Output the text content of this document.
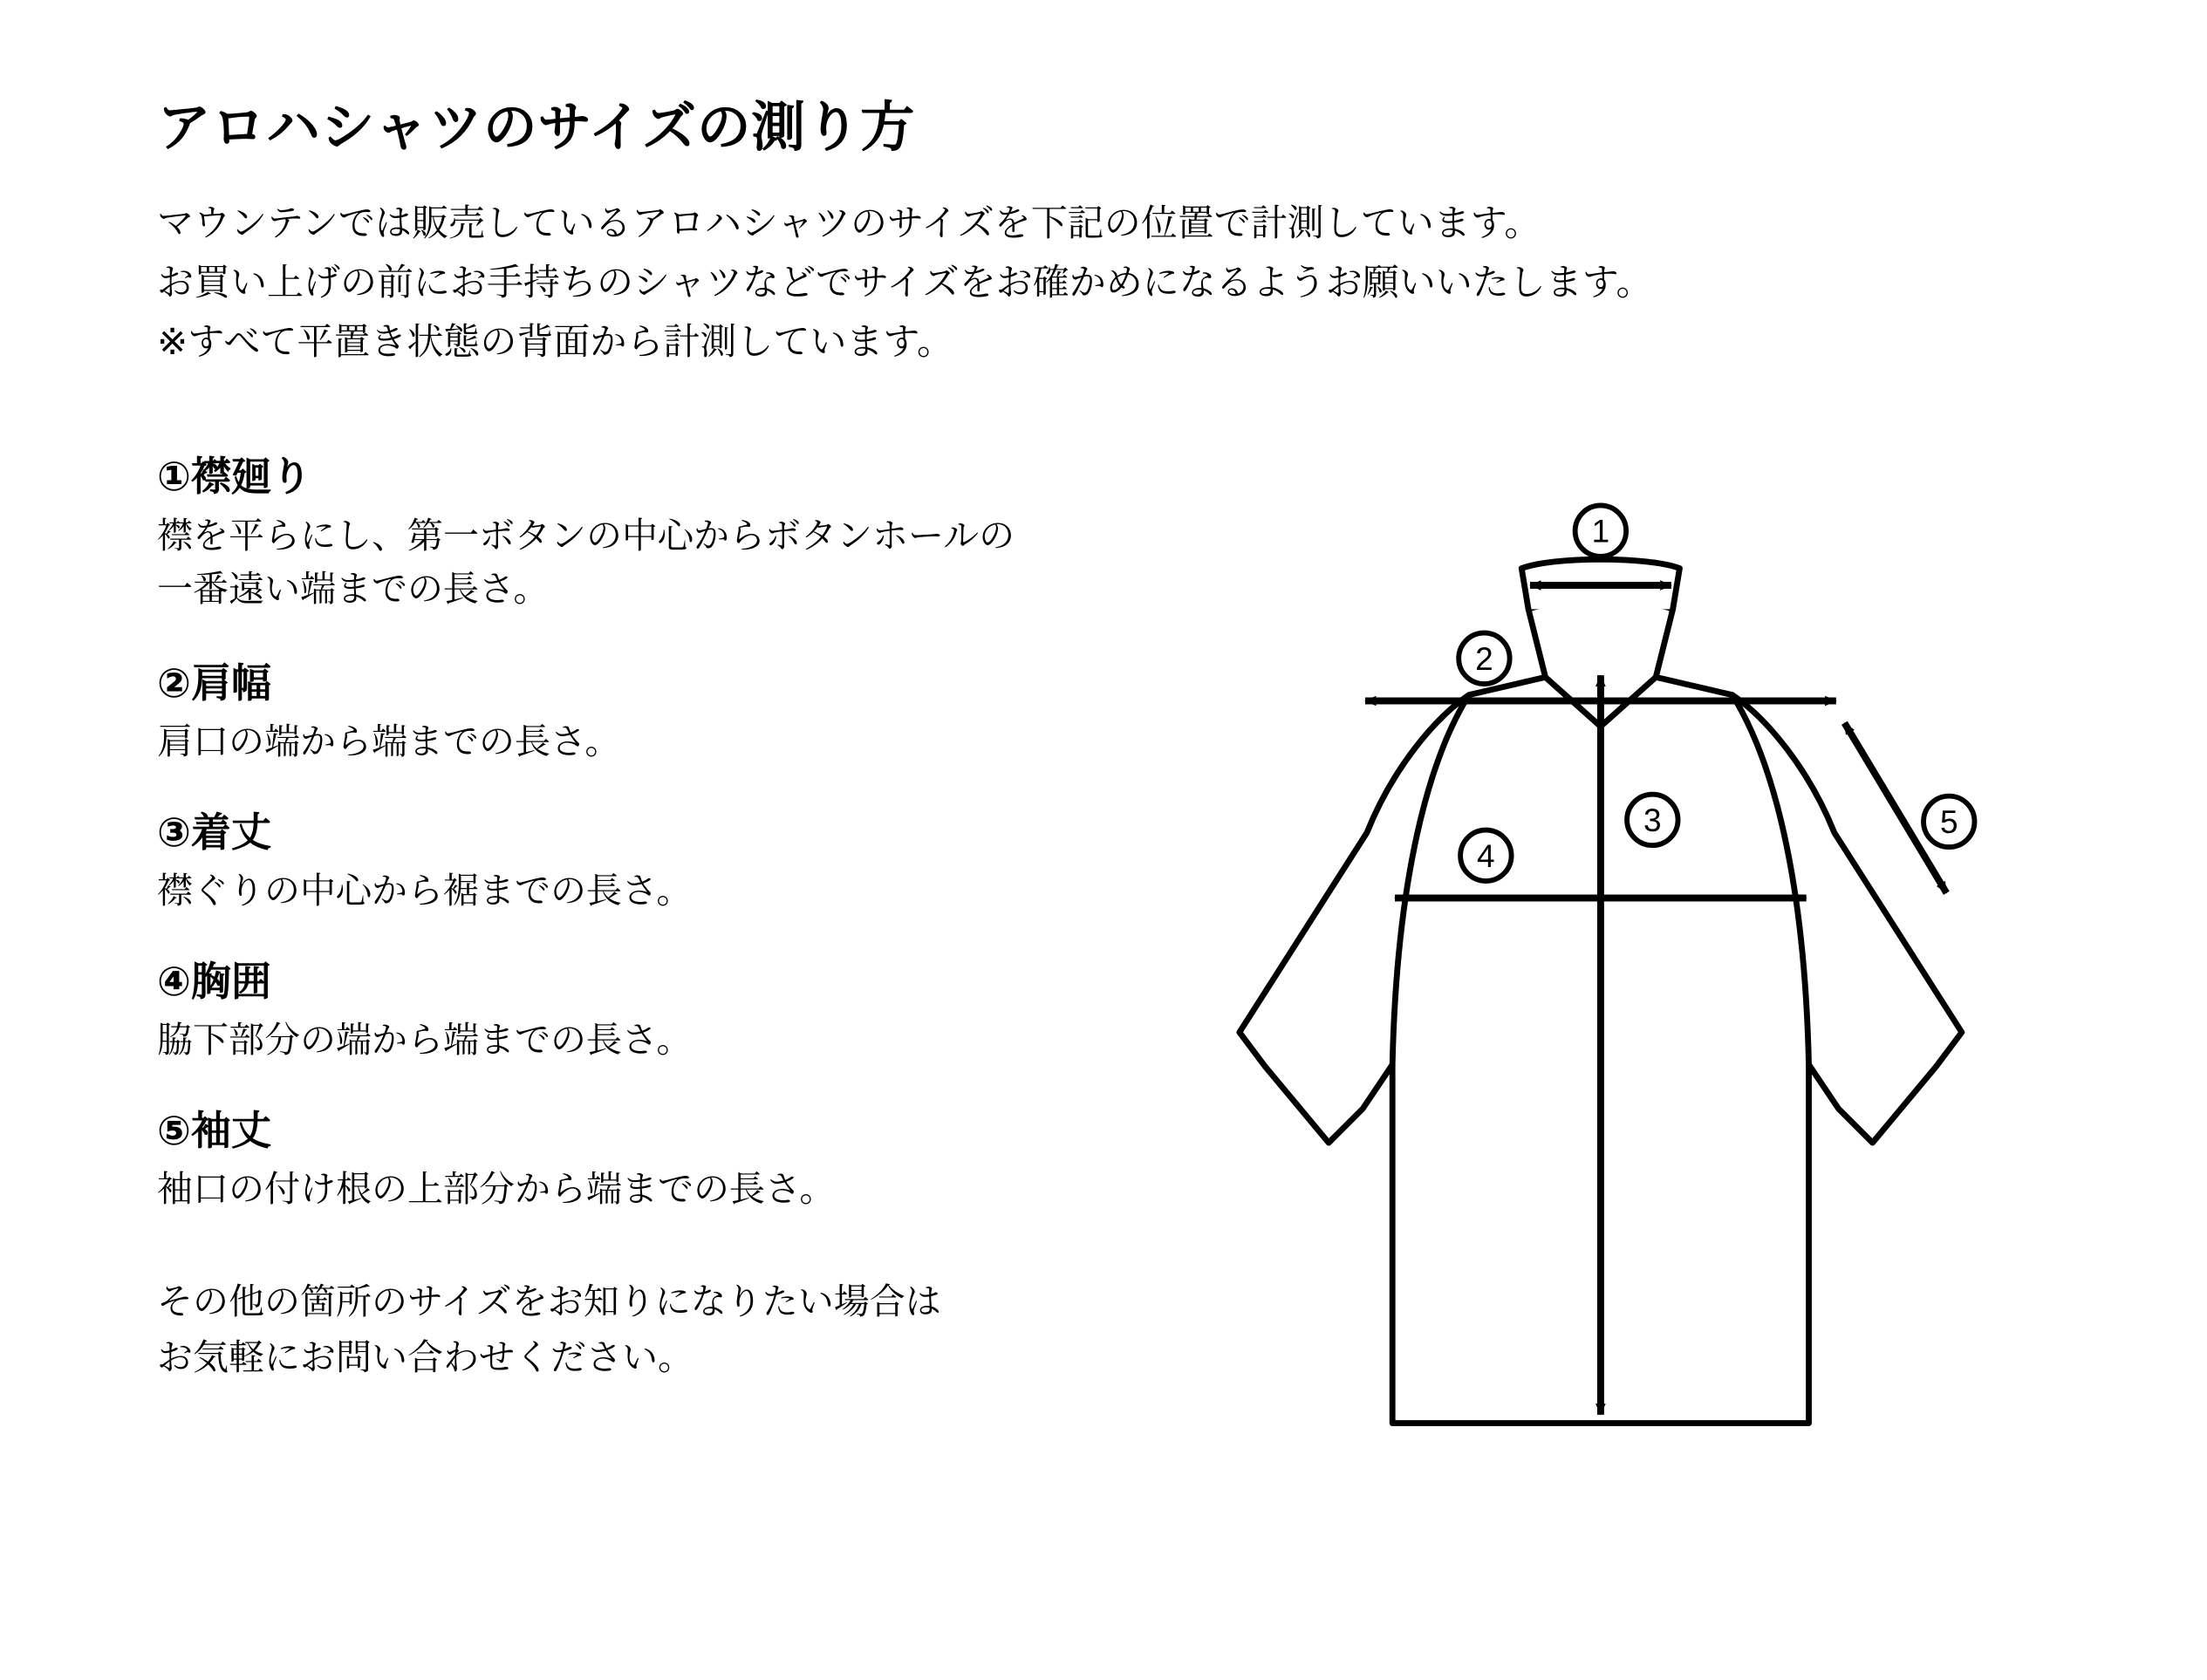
アロハシャツのサイズの測り方
マウンテンでは販売しているアロハシャツのサイズを下記の位置で計測しています。
お買い上げの前にお手持ちのシャツなどでサイズをお確かめになるようお願いいたします。
※すべて平置き状態の背面から計測しています。
①襟廻り
襟を平らにし、第一ボタンの中心からボタンホールの
一番遠い端までの長さ。
②肩幅
肩口の端から端までの長さ。
③着丈
襟ぐりの中心から裾までの長さ。
④胸囲
脇下部分の端から端までの長さ。
⑤袖丈
袖口の付け根の上部分から端までの長さ。
その他の箇所のサイズをお知りになりたい場合は
お気軽にお問い合わせください。
1
2
3
4
5
